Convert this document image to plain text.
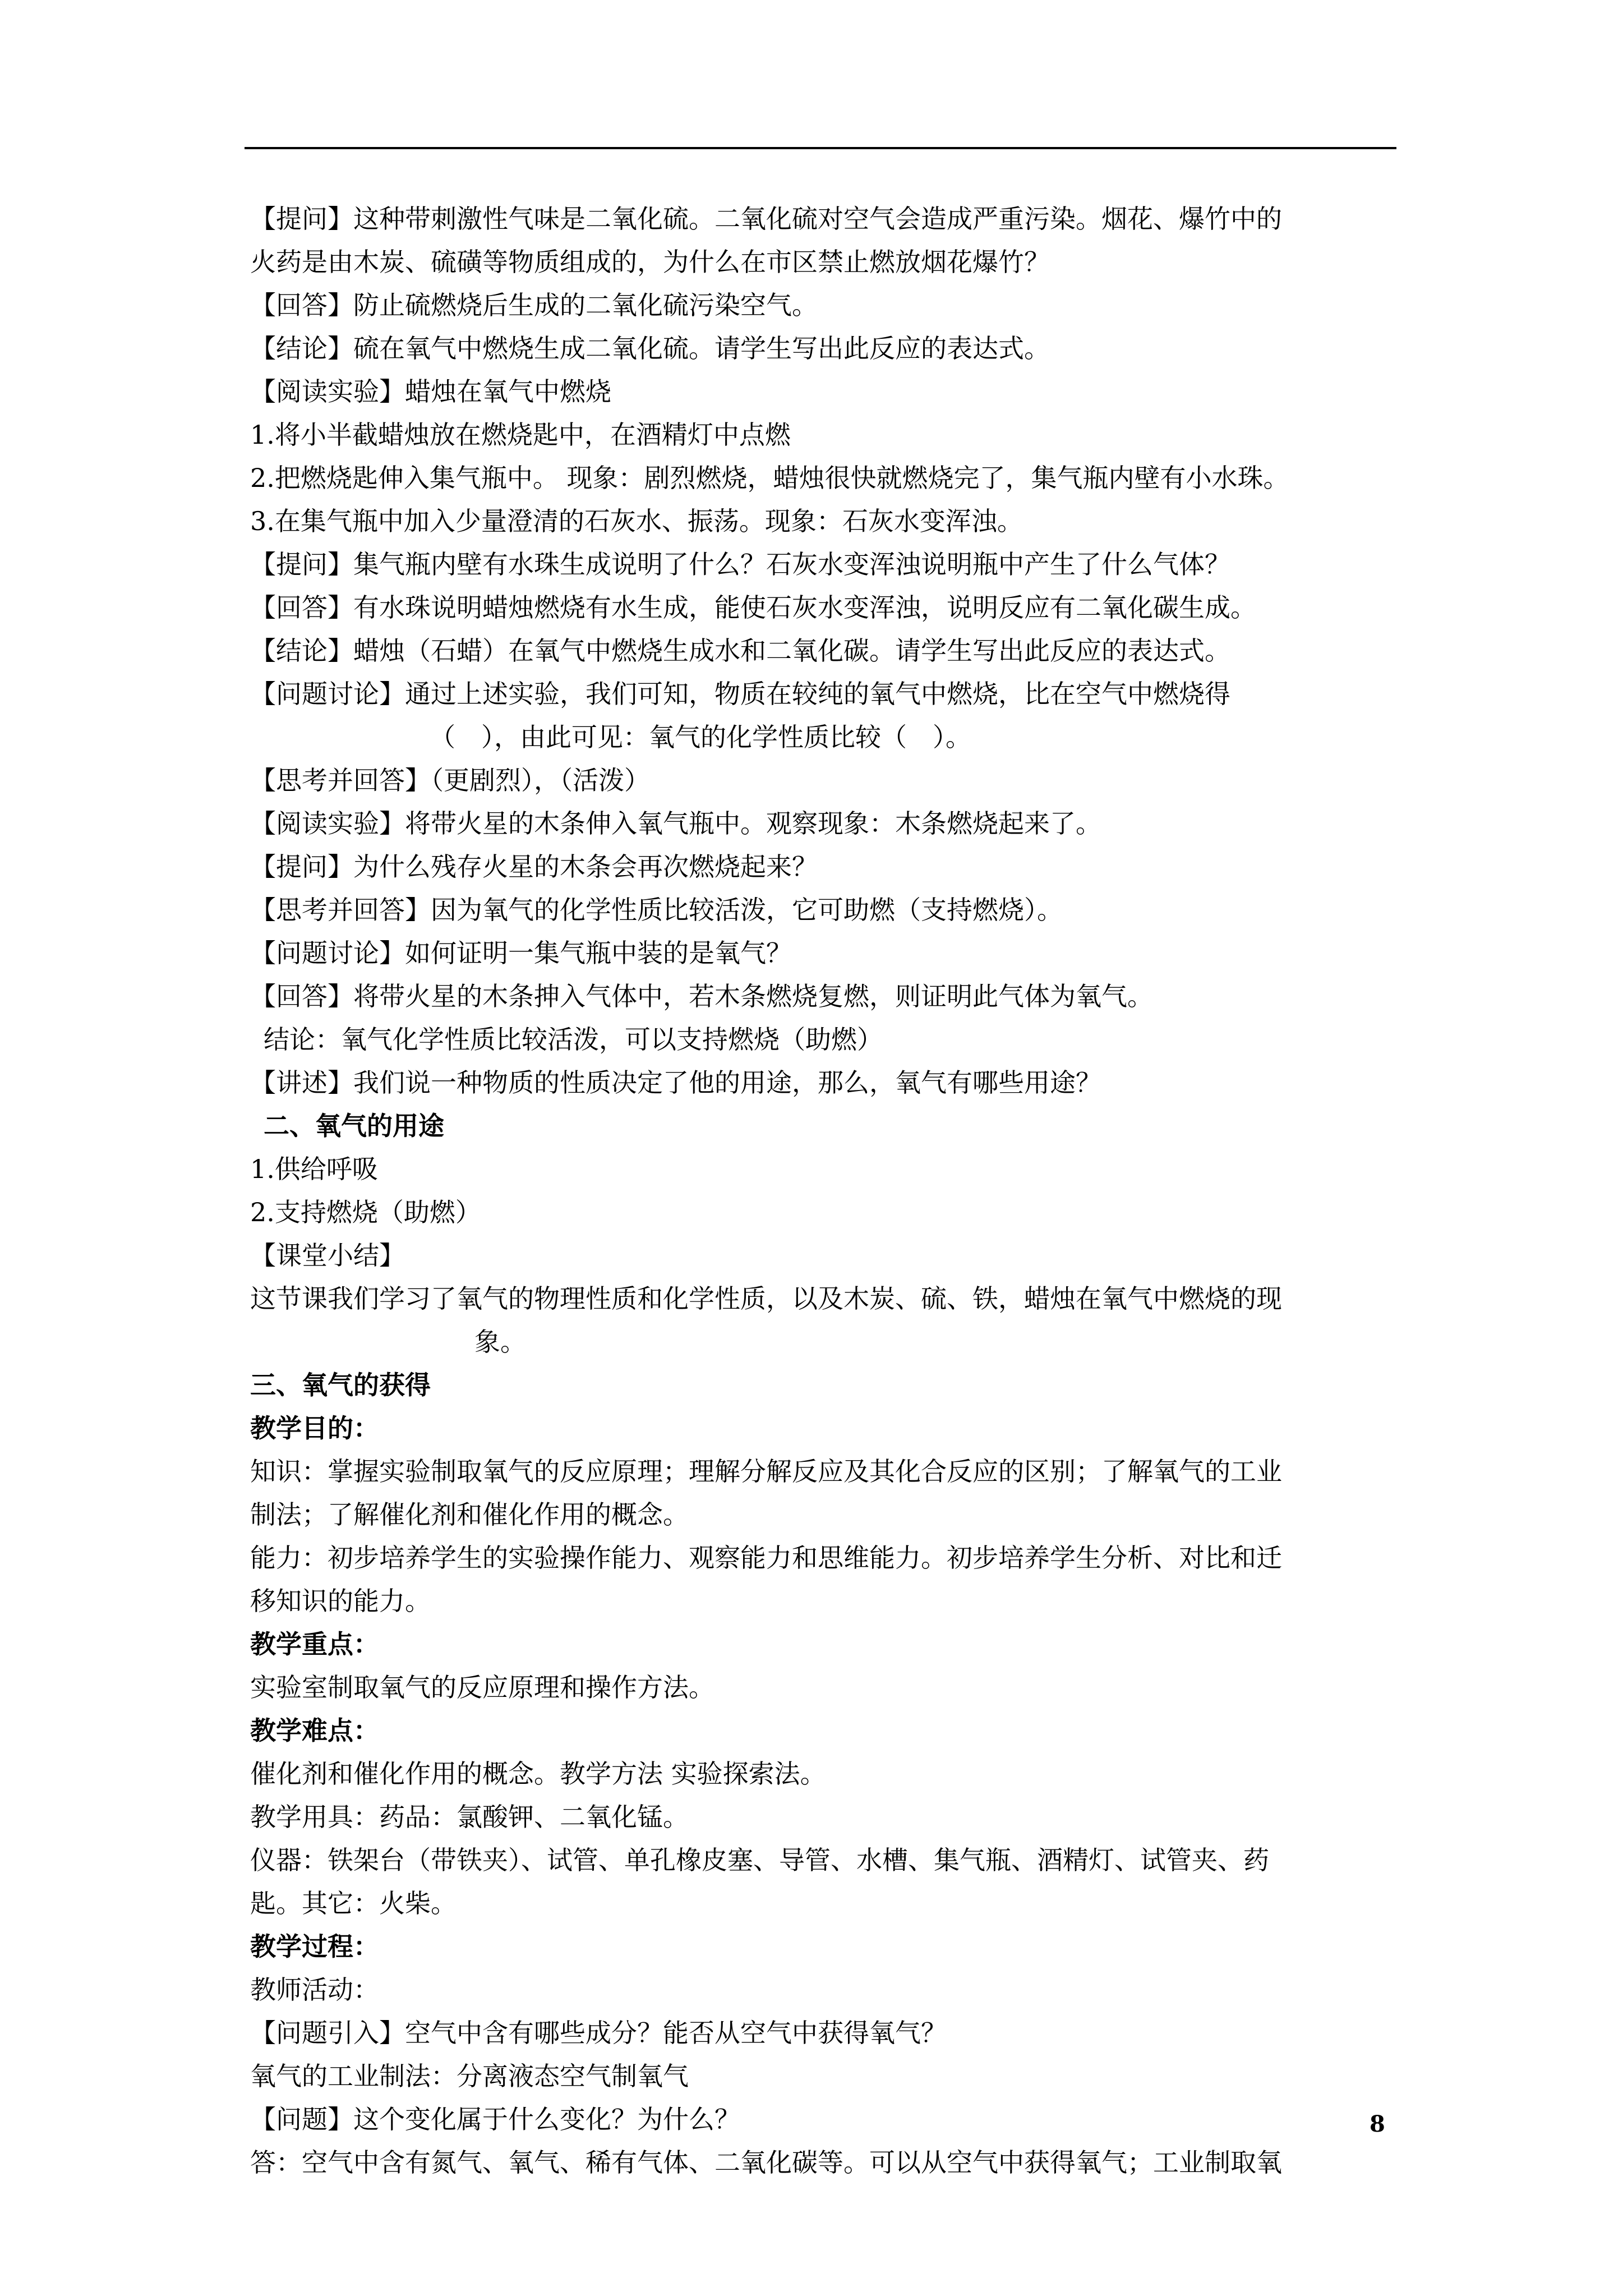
【提问】这种带刺激性气味是二氧化硫。二氧化硫对空气会造成严重污染。烟花、爆竹中的
火药是由木炭、硫磺等物质组成的，为什么在市区禁止燃放烟花爆竹？
【回答】防止硫燃烧后生成的二氧化硫污染空气。
【结论】硫在氧气中燃烧生成二氧化硫。请学生写出此反应的表达式。
【阅读实验】蜡烛在氧气中燃烧
1.将小半截蜡烛放在燃烧匙中，在酒精灯中点燃
2.把燃烧匙伸入集气瓶中。 现象：剧烈燃烧，蜡烛很快就燃烧完了，集气瓶内壁有小水珠。
3.在集气瓶中加入少量澄清的石灰水、振荡。现象：石灰水变浑浊。
【提问】集气瓶内壁有水珠生成说明了什么？石灰水变浑浊说明瓶中产生了什么气体？
【回答】有水珠说明蜡烛燃烧有水生成，能使石灰水变浑浊，说明反应有二氧化碳生成。
【结论】蜡烛（石蜡）在氧气中燃烧生成水和二氧化碳。请学生写出此反应的表达式。
【问题讨论】通过上述实验，我们可知，物质在较纯的氧气中燃烧，比在空气中燃烧得
（　），由此可见：氧气的化学性质比较（　）。
【思考并回答】（更剧烈），（活泼）
【阅读实验】将带火星的木条伸入氧气瓶中。观察现象：木条燃烧起来了。
【提问】为什么残存火星的木条会再次燃烧起来？
【思考并回答】因为氧气的化学性质比较活泼，它可助燃（支持燃烧）。
【问题讨论】如何证明一集气瓶中装的是氧气？
【回答】将带火星的木条抻入气体中，若木条燃烧复燃，则证明此气体为氧气。
结论：氧气化学性质比较活泼，可以支持燃烧（助燃）
【讲述】我们说一种物质的性质决定了他的用途，那么，氧气有哪些用途？
二、氧气的用途
1.供给呼吸
2.支持燃烧（助燃）
【课堂小结】
这节课我们学习了氧气的物理性质和化学性质，以及木炭、硫、铁，蜡烛在氧气中燃烧的现
象。
三、氧气的获得
教学目的：
知识：掌握实验制取氧气的反应原理；理解分解反应及其化合反应的区别；了解氧气的工业
制法；了解催化剂和催化作用的概念。
能力：初步培养学生的实验操作能力、观察能力和思维能力。初步培养学生分析、对比和迁
移知识的能力。
教学重点：
实验室制取氧气的反应原理和操作方法。
教学难点：
催化剂和催化作用的概念。教学方法 实验探索法。
教学用具：药品：氯酸钾、二氧化锰。
仪器：铁架台（带铁夹）、试管、单孔橡皮塞、导管、水槽、集气瓶、酒精灯、试管夹、药
匙。其它：火柴。
教学过程：
教师活动：
【问题引入】空气中含有哪些成分？能否从空气中获得氧气？
氧气的工业制法：分离液态空气制氧气
【问题】这个变化属于什么变化？为什么？
答：空气中含有氮气、氧气、稀有气体、二氧化碳等。可以从空气中获得氧气；工业制取氧
8
